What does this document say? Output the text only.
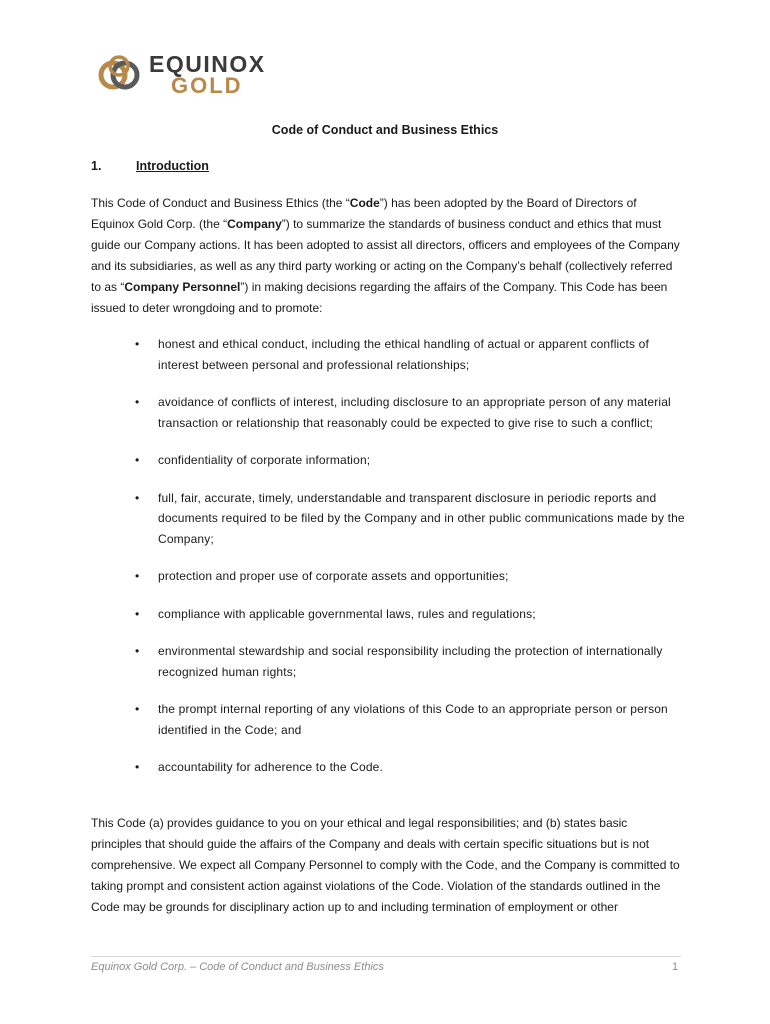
EQUINOX
GOLD
Code of Conduct and Business Ethics
1.	Introduction
This Code of Conduct and Business Ethics (the “Code”) has been adopted by the Board of Directors of Equinox Gold Corp. (the “Company”) to summarize the standards of business conduct and ethics that must guide our Company actions. It has been adopted to assist all directors, officers and employees of the Company and its subsidiaries, as well as any third party working or acting on the Company’s behalf (collectively referred to as “Company Personnel”) in making decisions regarding the affairs of the Company. This Code has been issued to deter wrongdoing and to promote:
• honest and ethical conduct, including the ethical handling of actual or apparent conflicts of interest between personal and professional relationships;
• avoidance of conflicts of interest, including disclosure to an appropriate person of any material transaction or relationship that reasonably could be expected to give rise to such a conflict;
• confidentiality of corporate information;
• full, fair, accurate, timely, understandable and transparent disclosure in periodic reports and documents required to be filed by the Company and in other public communications made by the Company;
• protection and proper use of corporate assets and opportunities;
• compliance with applicable governmental laws, rules and regulations;
• environmental stewardship and social responsibility including the protection of internationally recognized human rights;
• the prompt internal reporting of any violations of this Code to an appropriate person or person identified in the Code; and
• accountability for adherence to the Code.
This Code (a) provides guidance to you on your ethical and legal responsibilities; and (b) states basic principles that should guide the affairs of the Company and deals with certain specific situations but is not comprehensive. We expect all Company Personnel to comply with the Code, and the Company is committed to taking prompt and consistent action against violations of the Code. Violation of the standards outlined in the Code may be grounds for disciplinary action up to and including termination of employment or other
Equinox Gold Corp. – Code of Conduct and Business Ethics	1
